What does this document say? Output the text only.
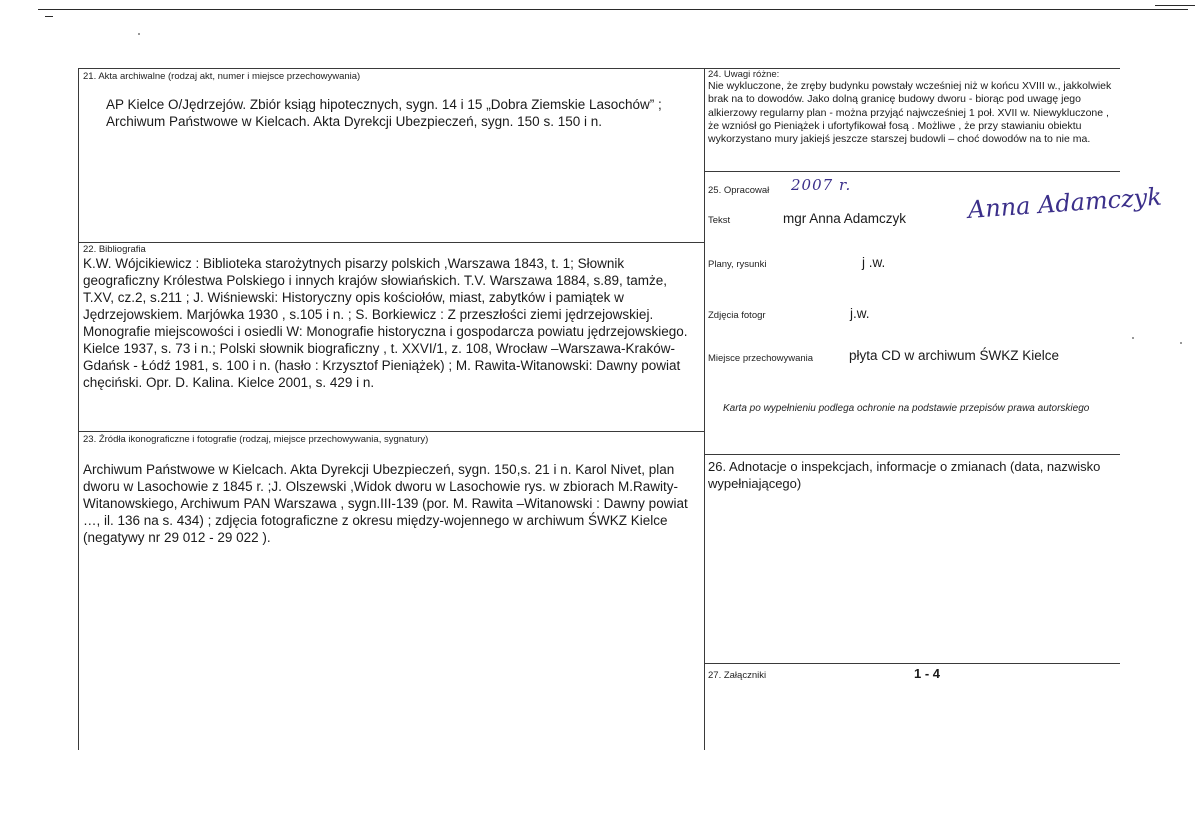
21. Akta archiwalne (rodzaj akt, numer i miejsce przechowywania)
AP Kielce O/Jędrzejów. Zbiór ksiąg hipotecznych, sygn. 14 i 15 „Dobra Ziemskie Lasochów” ; Archiwum Państwowe w Kielcach. Akta Dyrekcji Ubezpieczeń, sygn. 150 s. 150 i n.
22. Bibliografia
K.W. Wójcikiewicz : Biblioteka starożytnych pisarzy polskich ,Warszawa 1843, t. 1; Słownik geograficzny Królestwa Polskiego i innych krajów słowiańskich. T.V. Warszawa 1884, s.89, tamże, T.XV, cz.2, s.211 ; J. Wiśniewski: Historyczny opis kościołów, miast, zabytków i pamiątek w Jędrzejowskiem. Marjówka 1930 , s.105 i n. ; S. Borkiewicz : Z przeszłości ziemi jędrzejowskiej. Monografie miejscowości i osiedli W: Monografie historyczna i gospodarcza powiatu jędrzejowskiego. Kielce 1937, s. 73 i n.; Polski słownik biograficzny , t. XXVI/1, z. 108, Wrocław –Warszawa-Kraków- Gdańsk - Łódź 1981, s. 100 i n. (hasło : Krzysztof Pieniążek) ; M. Rawita-Witanowski: Dawny powiat chęciński. Opr. D. Kalina. Kielce 2001, s. 429 i n.
23. Źródła ikonograficzne i fotografie (rodzaj, miejsce przechowywania, sygnatury)
Archiwum Państwowe w Kielcach. Akta Dyrekcji Ubezpieczeń, sygn. 150,s. 21 i n. Karol Nivet, plan dworu w Lasochowie z 1845 r. ;J. Olszewski ,Widok dworu w Lasochowie rys. w zbiorach M.Rawity-Witanowskiego, Archiwum PAN Warszawa , sygn.III-139 (por. M. Rawita –Witanowski : Dawny powiat …, il. 136 na s. 434) ; zdjęcia fotograficzne z okresu między-wojennego w archiwum ŚWKZ Kielce (negatywy nr 29 012 - 29 022 ).
24. Uwagi różne:
Nie wykluczone, że zręby budynku powstały wcześniej niż w końcu XVIII w., jakkolwiek brak na to dowodów. Jako dolną granicę budowy dworu - biorąc pod uwagę jego alkierzowy regularny plan - można przyjąć najwcześniej 1 poł. XVII w. Niewykluczone , że wzniósł go Pieniążek i ufortyfikował fosą . Możliwe , że przy stawianiu obiektu wykorzystano mury jakiejś jeszcze starszej budowli – choć dowodów na to nie ma.
25. Opracował 2007 r.
Tekst	mgr Anna Adamczyk	Anna Adamczyk
Plany, rysunki	j .w.
Zdjęcia fotogr	j.w.
Miejsce przechowywania	płyta CD w archiwum ŚWKZ Kielce
Karta po wypełnieniu podlega ochronie na podstawie przepisów prawa autorskiego
26. Adnotacje o inspekcjach, informacje o zmianach (data, nazwisko wypełniającego)
27. Załączniki	1 - 4
